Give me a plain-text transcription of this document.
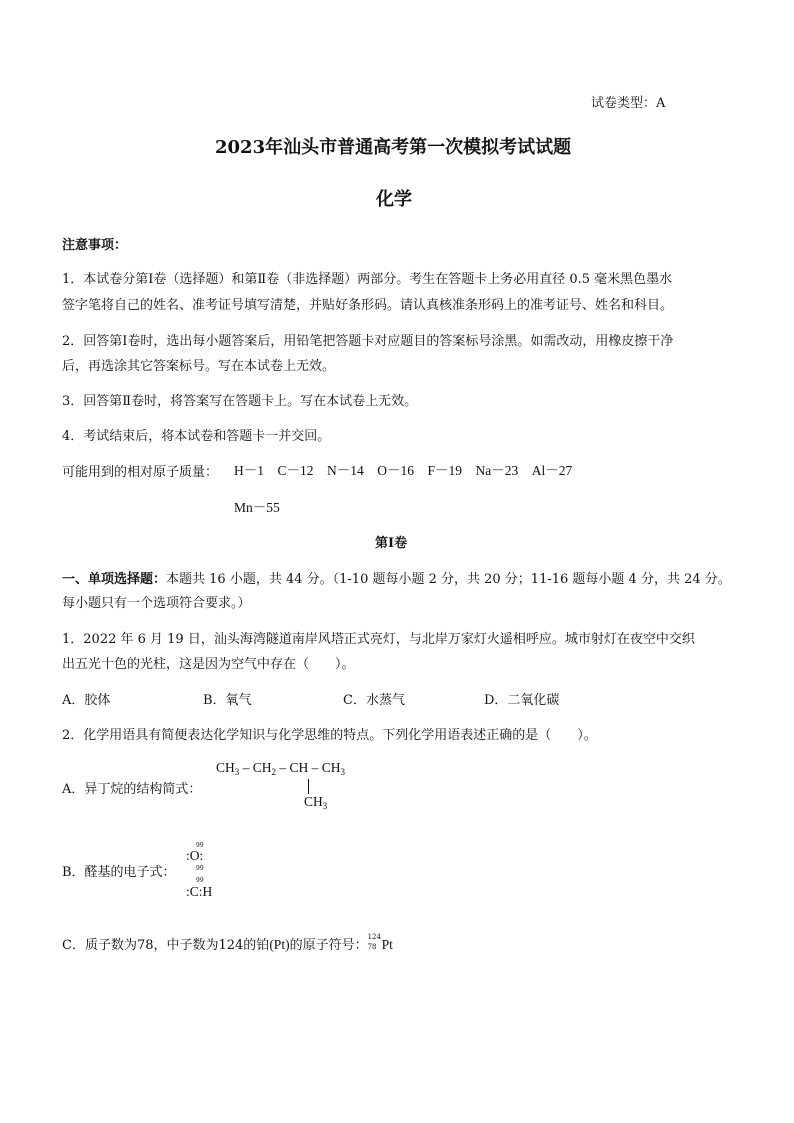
试卷类型：A
2023年汕头市普通高考第一次模拟考试试题
化学
注意事项：
1．本试卷分第Ⅰ卷（选择题）和第Ⅱ卷（非选择题）两部分。考生在答题卡上务必用直径 0.5 毫米黑色墨水
签字笔将自己的姓名、准考证号填写清楚，并贴好条形码。请认真核准条形码上的准考证号、姓名和科目。
2．回答第Ⅰ卷时，选出每小题答案后，用铅笔把答题卡对应题目的答案标号涂黑。如需改动，用橡皮擦干净
后，再选涂其它答案标号。写在本试卷上无效。
3．回答第Ⅱ卷时，将答案写在答题卡上。写在本试卷上无效。
4．考试结束后，将本试卷和答题卡一并交回。
可能用到的相对原子质量： H－1　C－12　N－14　O－16　F－19　Na－23　Al－27
Mn－55
第Ⅰ卷
一、单项选择题：本题共 16 小题，共 44 分。（1-10 题每小题 2 分，共 20 分；11-16 题每小题 4 分，共 24 分。
每小题只有一个选项符合要求。）
1．2022 年 6 月 19 日，汕头海湾隧道南岸风塔正式亮灯，与北岸万家灯火遥相呼应。城市射灯在夜空中交织
出五光十色的光柱，这是因为空气中存在（　　）。
A．胶体	B．氧气	C．水蒸气	D．二氧化碳
2．化学用语具有简便表达化学知识与化学思维的特点。下列化学用语表述正确的是（　　）。
A．异丁烷的结构简式：
$CH_3 - CH_2$ – CH – $CH_3$
$CH_3$
B．醛基的电子式：
99
:O:
99
99
:C:H
C．质子数为78，中子数为124的铂(Pt)的原子符号：
124
78 Pt
